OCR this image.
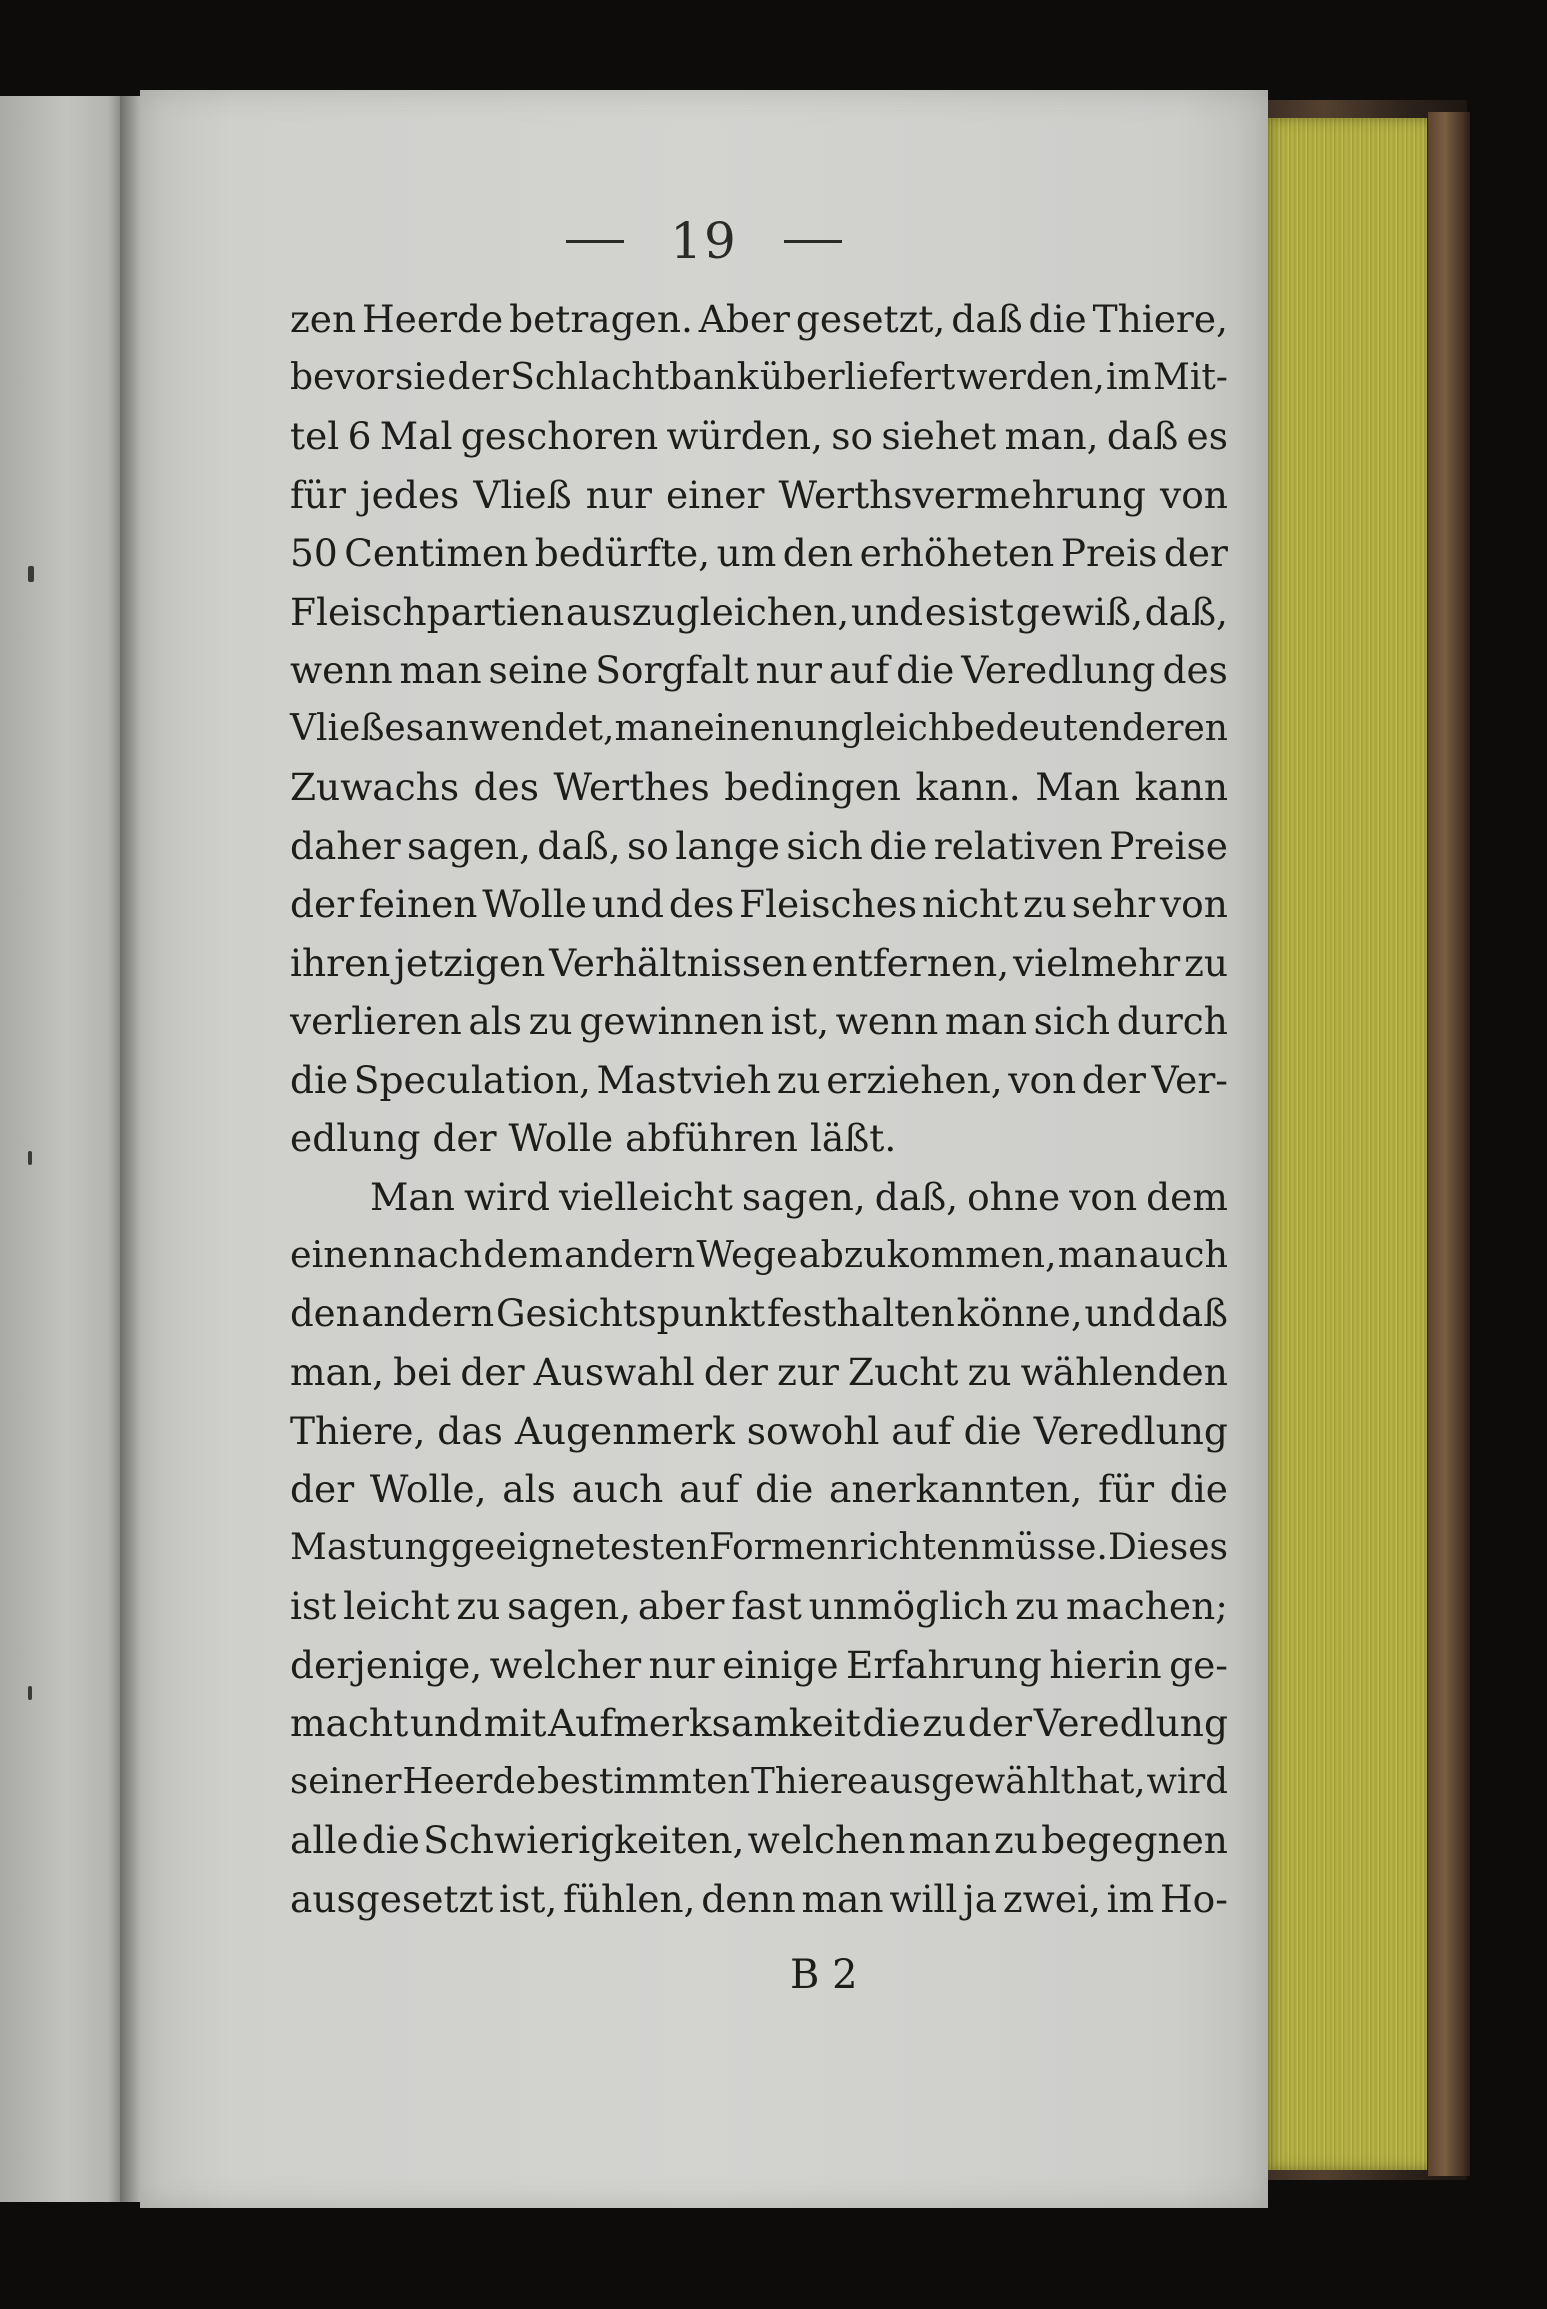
19
zen Heerde betragen. Aber gesetzt, daß die Thiere,
bevor sie der Schlachtbank überliefert werden, im Mit-
tel 6 Mal geschoren würden, so siehet man, daß es
für jedes Vließ nur einer Werthsvermehrung von
50 Centimen bedürfte, um den erhöheten Preis der
Fleischpartien auszugleichen, und es ist gewiß, daß,
wenn man seine Sorgfalt nur auf die Veredlung des
Vließes anwendet, man einen ungleich bedeutenderen
Zuwachs des Werthes bedingen kann. Man kann
daher sagen, daß, so lange sich die relativen Preise
der feinen Wolle und des Fleisches nicht zu sehr von
ihren jetzigen Verhältnissen entfernen, vielmehr zu
verlieren als zu gewinnen ist, wenn man sich durch
die Speculation, Mastvieh zu erziehen, von der Ver-
edlung der Wolle abführen läßt.
Man wird vielleicht sagen, daß, ohne von dem
einen nach dem andern Wege abzukommen, man auch
den andern Gesichtspunkt festhalten könne, und daß
man, bei der Auswahl der zur Zucht zu wählenden
Thiere, das Augenmerk sowohl auf die Veredlung
der Wolle, als auch auf die anerkannten, für die
Mastung geeignetesten Formen richten müsse. Dieses
ist leicht zu sagen, aber fast unmöglich zu machen;
derjenige, welcher nur einige Erfahrung hierin ge-
macht und mit Aufmerksamkeit die zu der Veredlung
seiner Heerde bestimmten Thiere ausgewählt hat, wird
alle die Schwierigkeiten, welchen man zu begegnen
ausgesetzt ist, fühlen, denn man will ja zwei, im Ho-
B 2
